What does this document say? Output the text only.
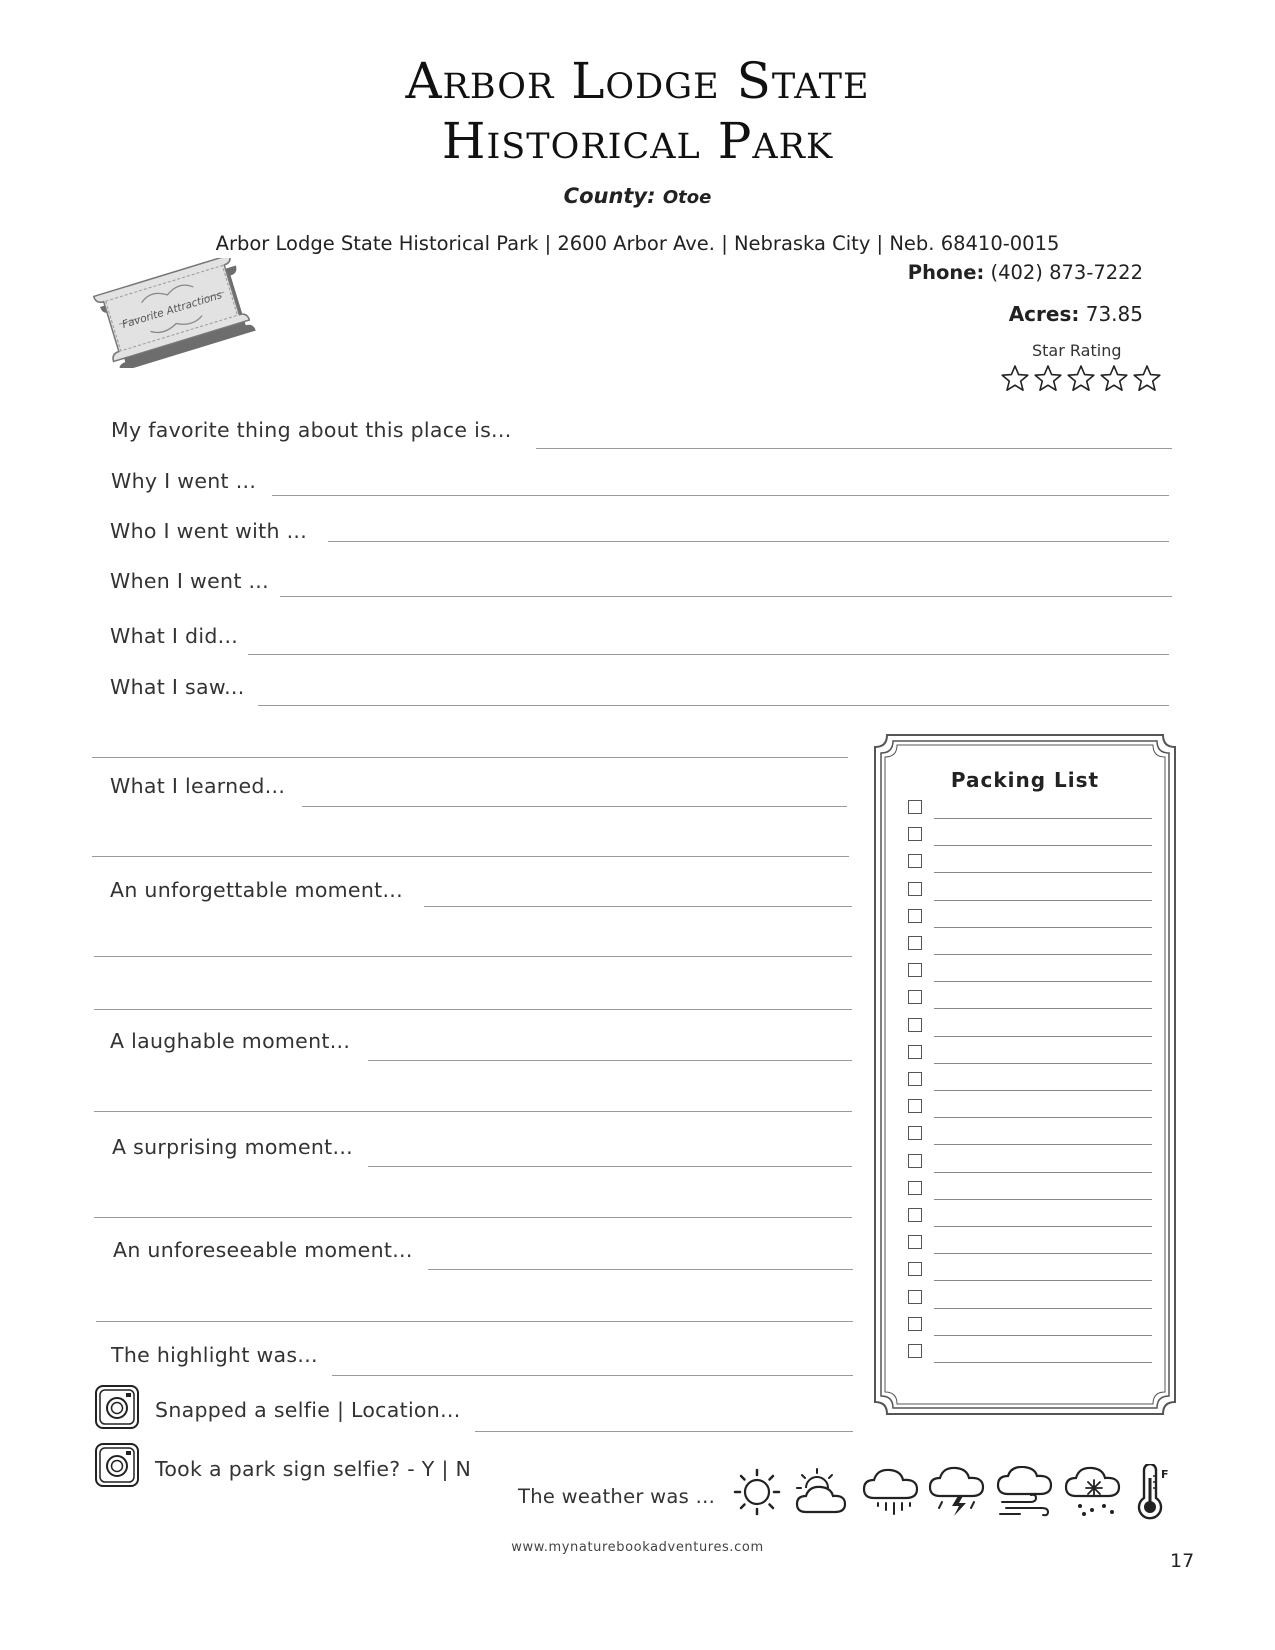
Arbor Lodge State
Historical Park
County: Otoe
Arbor Lodge State Historical Park | 2600 Arbor Ave. | Nebraska City | Neb. 68410-0015
Phone: (402) 873-7222
Acres: 73.85
Star Rating
Favorite Attractions
My favorite thing about this place is...
Why I went ...
Who I went with ...
When I went ...
What I did...
What I saw...
What I learned...
An unforgettable moment...
A laughable moment...
A surprising moment...
An unforeseeable moment...
The highlight was...
Snapped a selfie | Location...
Took a park sign selfie? - Y | N
Packing List
The weather was ...
F
www.mynaturebookadventures.com
17
